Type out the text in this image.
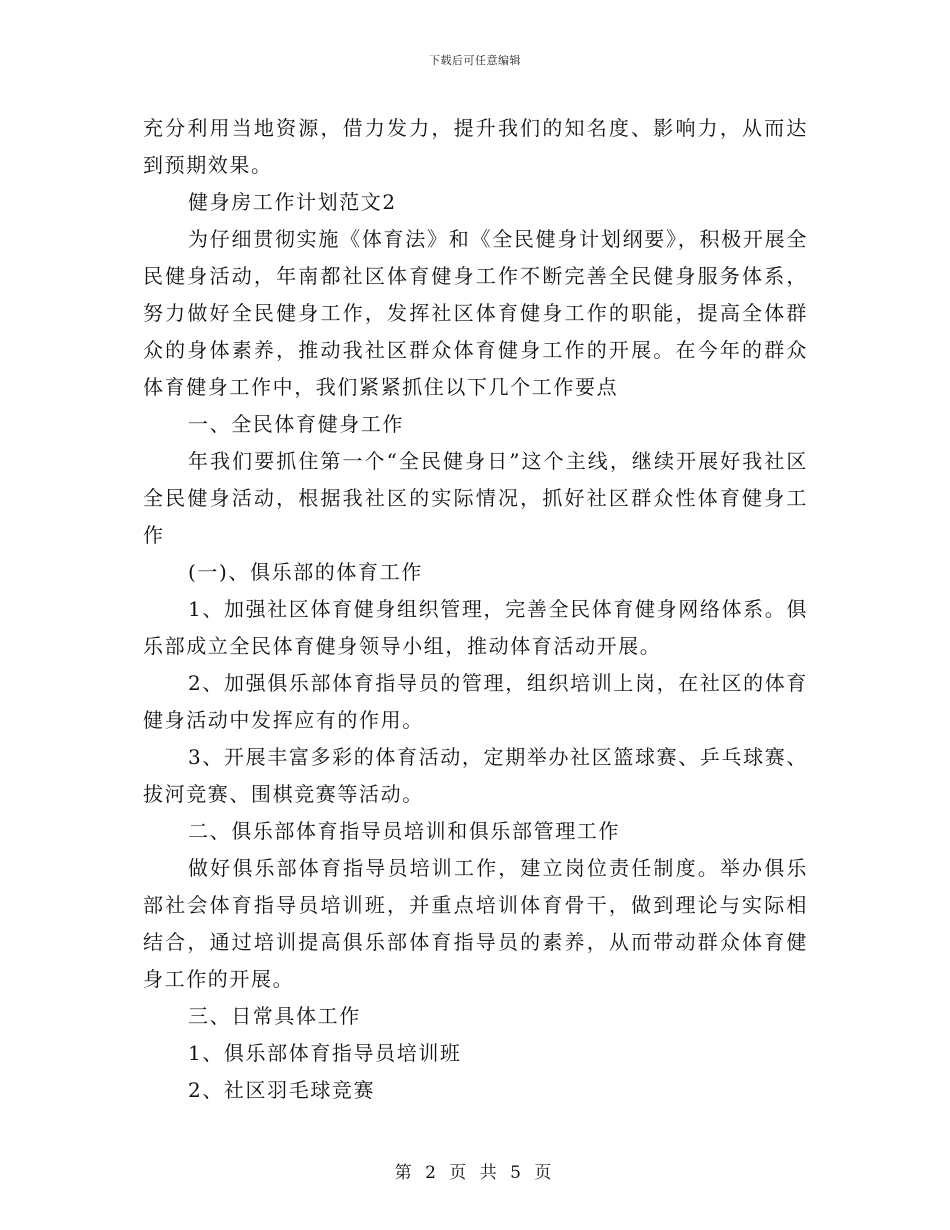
下载后可任意编辑

充分利用当地资源，借力发力，提升我们的知名度、影响力，从而达到预期效果。

健身房工作计划范文2

为仔细贯彻实施《体育法》和《全民健身计划纲要》，积极开展全民健身活动，年南都社区体育健身工作不断完善全民健身服务体系，努力做好全民健身工作，发挥社区体育健身工作的职能，提高全体群众的身体素养，推动我社区群众体育健身工作的开展。在今年的群众体育健身工作中，我们紧紧抓住以下几个工作要点

一、全民体育健身工作

年我们要抓住第一个“全民健身日”这个主线，继续开展好我社区全民健身活动，根据我社区的实际情况，抓好社区群众性体育健身工作

(一)、俱乐部的体育工作

1、加强社区体育健身组织管理，完善全民体育健身网络体系。俱乐部成立全民体育健身领导小组，推动体育活动开展。

2、加强俱乐部体育指导员的管理，组织培训上岗，在社区的体育健身活动中发挥应有的作用。

3、开展丰富多彩的体育活动，定期举办社区篮球赛、乒乓球赛、拔河竞赛、围棋竞赛等活动。

二、俱乐部体育指导员培训和俱乐部管理工作

做好俱乐部体育指导员培训工作，建立岗位责任制度。举办俱乐部社会体育指导员培训班，并重点培训体育骨干，做到理论与实际相结合，通过培训提高俱乐部体育指导员的素养，从而带动群众体育健身工作的开展。

三、日常具体工作

1、俱乐部体育指导员培训班

2、社区羽毛球竞赛

第 2 页 共 5 页
